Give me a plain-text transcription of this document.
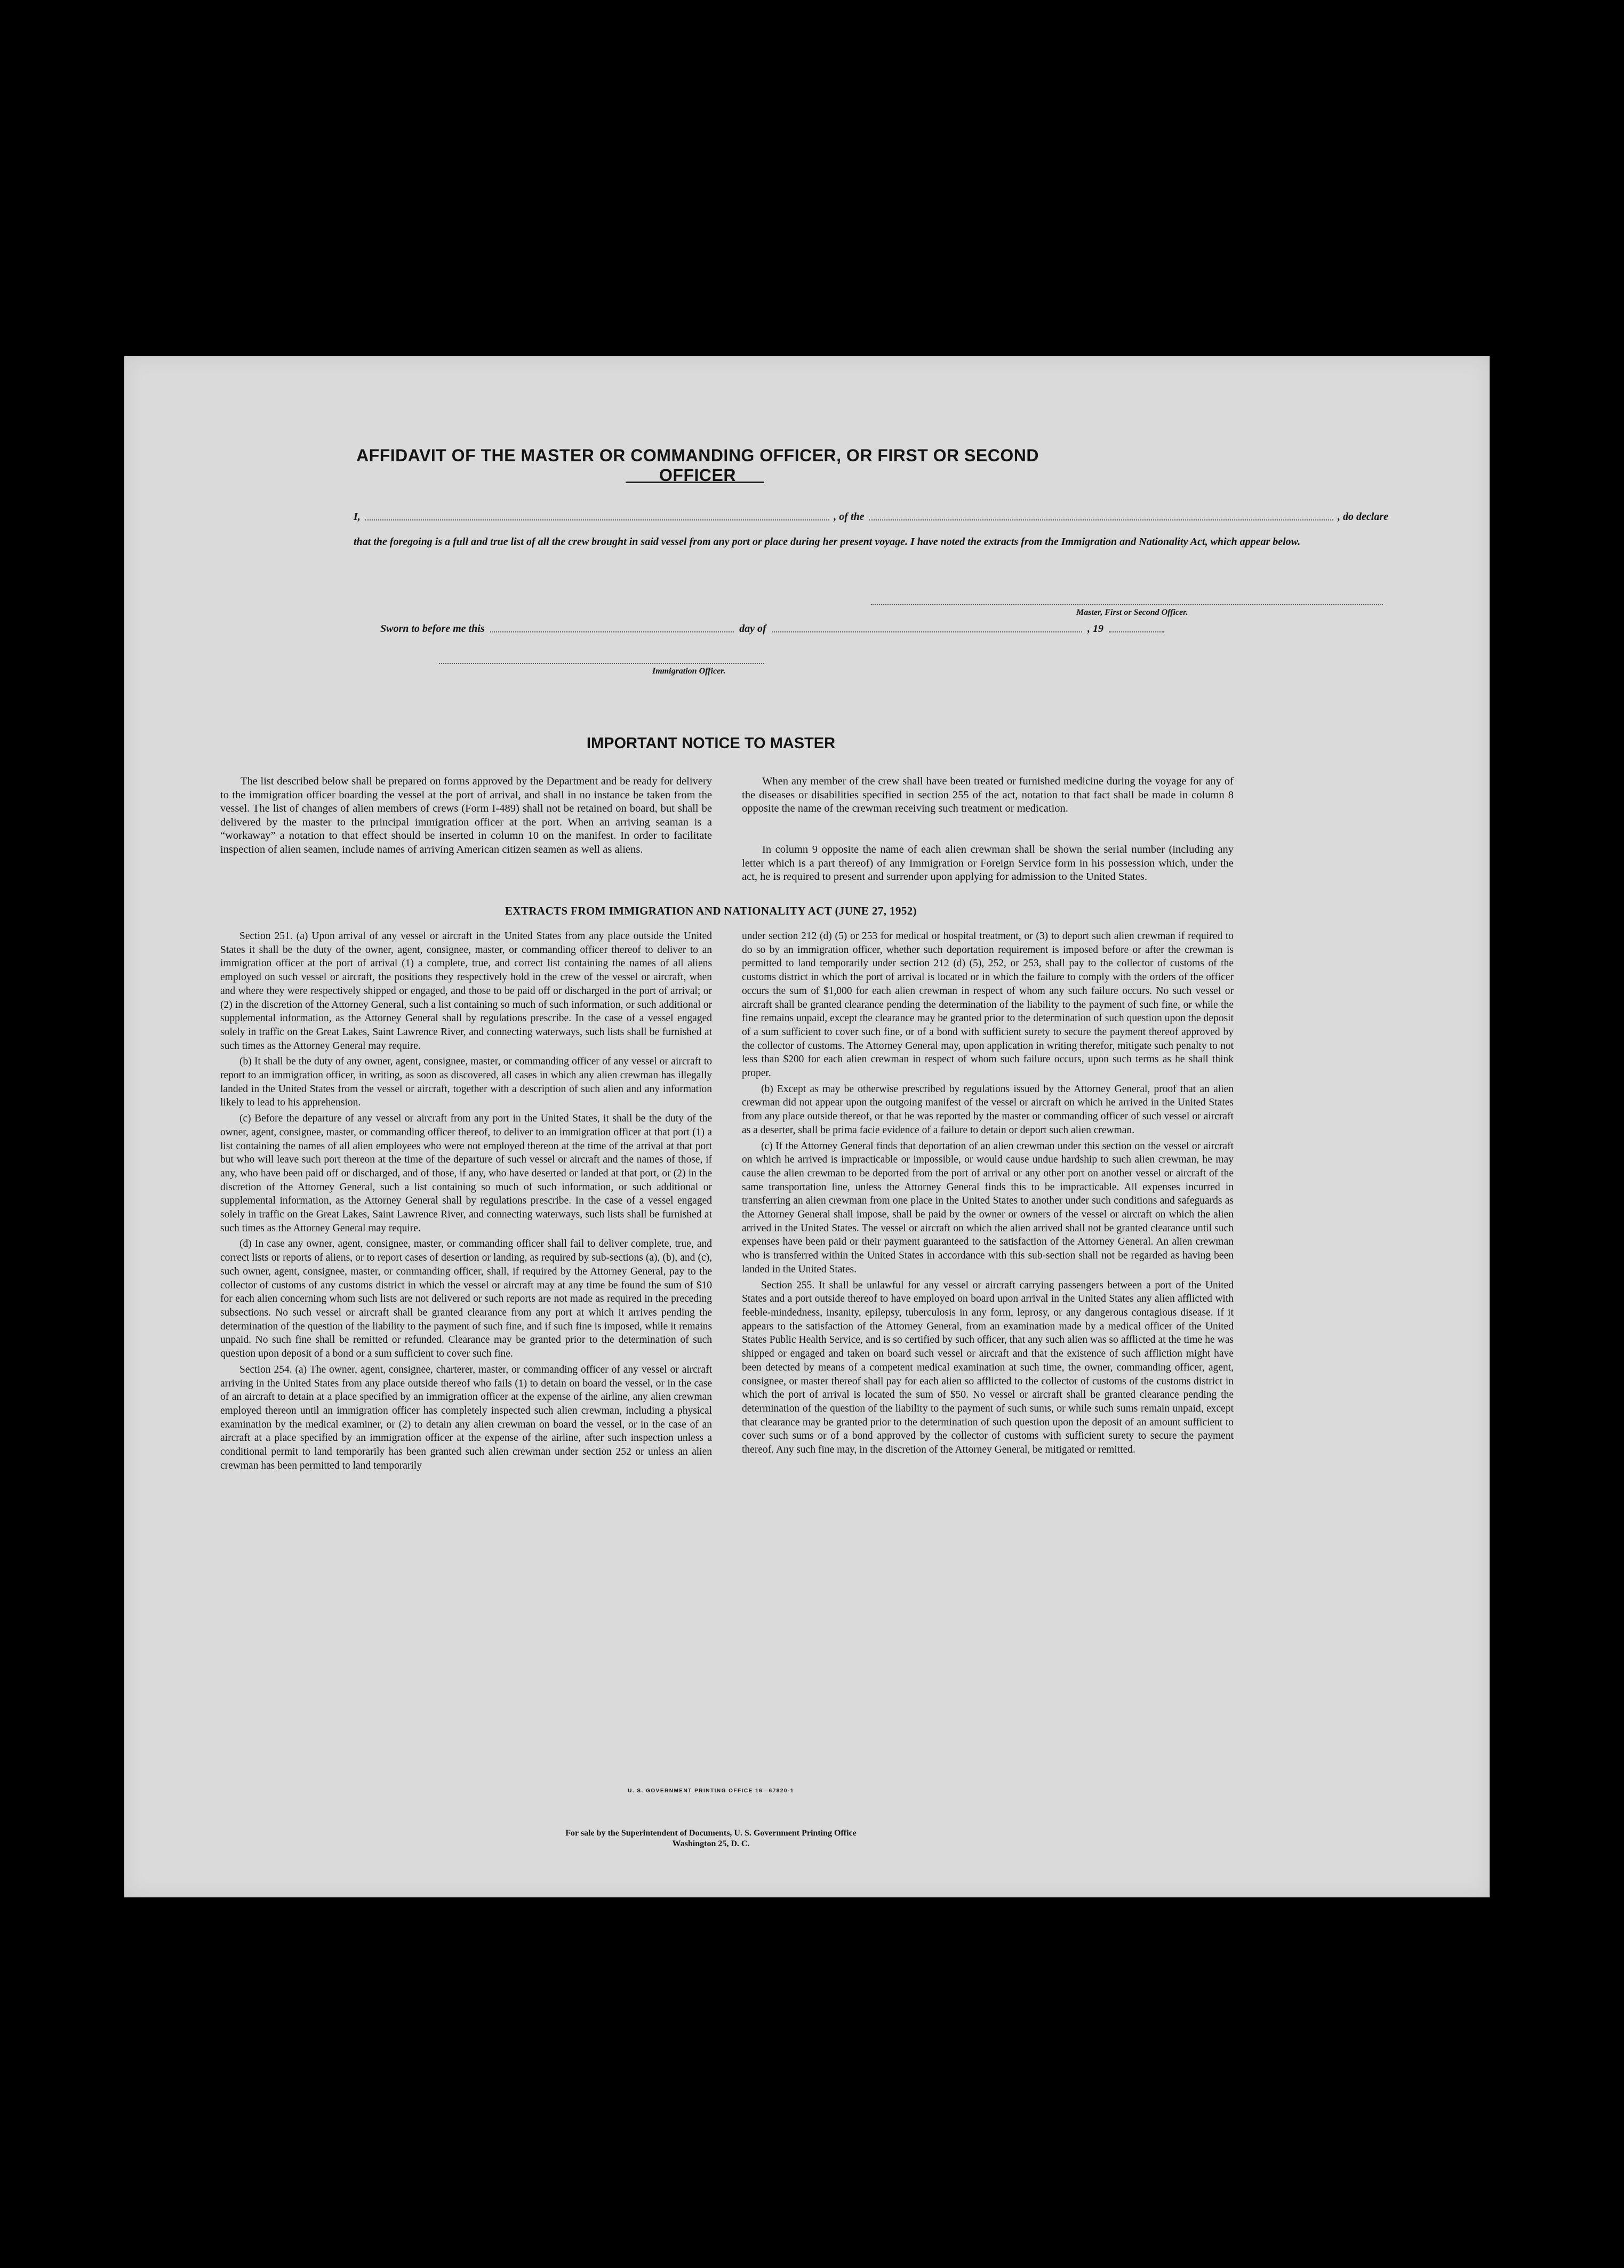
AFFIDAVIT OF THE MASTER OR COMMANDING OFFICER, OR FIRST OR SECOND OFFICER
I,	, of the	, do declare
that the foregoing is a full and true list of all the crew brought in said vessel from any port or place during her present voyage. I have noted the extracts from the Immigration and Nationality Act, which appear below.
Master, First or Second Officer.
Sworn to before me this	day of	, 19
Immigration Officer.
IMPORTANT NOTICE TO MASTER
The list described below shall be prepared on forms approved by the Department and be ready for delivery to the immigration officer boarding the vessel at the port of arrival, and shall in no instance be taken from the vessel. The list of changes of alien members of crews (Form I-489) shall not be retained on board, but shall be delivered by the master to the principal immigration officer at the port. When an arriving seaman is a “workaway” a notation to that effect should be inserted in column 10 on the manifest. In order to facilitate inspection of alien seamen, include names of arriving American citizen seamen as well as aliens.
When any member of the crew shall have been treated or furnished medicine during the voyage for any of the diseases or disabilities specified in section 255 of the act, notation to that fact shall be made in column 8 opposite the name of the crewman receiving such treatment or medication.
In column 9 opposite the name of each alien crewman shall be shown the serial number (including any letter which is a part thereof) of any Immigration or Foreign Service form in his possession which, under the act, he is required to present and surrender upon applying for admission to the United States.
EXTRACTS FROM IMMIGRATION AND NATIONALITY ACT (JUNE 27, 1952)

Section 251. (a) Upon arrival of any vessel or aircraft in the United States from any place outside the United States it shall be the duty of the owner, agent, consignee, master, or commanding officer thereof to deliver to an immigration officer at the port of arrival (1) a complete, true, and correct list containing the names of all aliens employed on such vessel or aircraft, the positions they respectively hold in the crew of the vessel or aircraft, when and where they were respectively shipped or engaged, and those to be paid off or discharged in the port of arrival; or (2) in the discretion of the Attorney General, such a list containing so much of such information, or such additional or supplemental information, as the Attorney General shall by regulations prescribe. In the case of a vessel engaged solely in traffic on the Great Lakes, Saint Lawrence River, and connecting waterways, such lists shall be furnished at such times as the Attorney General may require.

(b) It shall be the duty of any owner, agent, consignee, master, or commanding officer of any vessel or aircraft to report to an immigration officer, in writing, as soon as discovered, all cases in which any alien crewman has illegally landed in the United States from the vessel or aircraft, together with a description of such alien and any information likely to lead to his apprehension.

(c) Before the departure of any vessel or aircraft from any port in the United States, it shall be the duty of the owner, agent, consignee, master, or commanding officer thereof, to deliver to an immigration officer at that port (1) a list containing the names of all alien employees who were not employed thereon at the time of the arrival at that port but who will leave such port thereon at the time of the departure of such vessel or aircraft and the names of those, if any, who have been paid off or discharged, and of those, if any, who have deserted or landed at that port, or (2) in the discretion of the Attorney General, such a list containing so much of such information, or such additional or supplemental information, as the Attorney General shall by regulations prescribe. In the case of a vessel engaged solely in traffic on the Great Lakes, Saint Lawrence River, and connecting waterways, such lists shall be furnished at such times as the Attorney General may require.

(d) In case any owner, agent, consignee, master, or commanding officer shall fail to deliver complete, true, and correct lists or reports of aliens, or to report cases of desertion or landing, as required by sub-sections (a), (b), and (c), such owner, agent, consignee, master, or commanding officer, shall, if required by the Attorney General, pay to the collector of customs of any customs district in which the vessel or aircraft may at any time be found the sum of $10 for each alien concerning whom such lists are not delivered or such reports are not made as required in the preceding subsections. No such vessel or aircraft shall be granted clearance from any port at which it arrives pending the determination of the question of the liability to the payment of such fine, and if such fine is imposed, while it remains unpaid. No such fine shall be remitted or refunded. Clearance may be granted prior to the determination of such question upon deposit of a bond or a sum sufficient to cover such fine.

Section 254. (a) The owner, agent, consignee, charterer, master, or commanding officer of any vessel or aircraft arriving in the United States from any place outside thereof who fails (1) to detain on board the vessel, or in the case of an aircraft to detain at a place specified by an immigration officer at the expense of the airline, any alien crewman employed thereon until an immigration officer has completely inspected such alien crewman, including a physical examination by the medical examiner, or (2) to detain any alien crewman on board the vessel, or in the case of an aircraft at a place specified by an immigration officer at the expense of the airline, after such inspection unless a conditional permit to land temporarily has been granted such alien crewman under section 252 or unless an alien crewman has been permitted to land temporarily

under section 212 (d) (5) or 253 for medical or hospital treatment, or (3) to deport such alien crewman if required to do so by an immigration officer, whether such deportation requirement is imposed before or after the crewman is permitted to land temporarily under section 212 (d) (5), 252, or 253, shall pay to the collector of customs of the customs district in which the port of arrival is located or in which the failure to comply with the orders of the officer occurs the sum of $1,000 for each alien crewman in respect of whom any such failure occurs. No such vessel or aircraft shall be granted clearance pending the determination of the liability to the payment of such fine, or while the fine remains unpaid, except the clearance may be granted prior to the determination of such question upon the deposit of a sum sufficient to cover such fine, or of a bond with sufficient surety to secure the payment thereof approved by the collector of customs. The Attorney General may, upon application in writing therefor, mitigate such penalty to not less than $200 for each alien crewman in respect of whom such failure occurs, upon such terms as he shall think proper.

(b) Except as may be otherwise prescribed by regulations issued by the Attorney General, proof that an alien crewman did not appear upon the outgoing manifest of the vessel or aircraft on which he arrived in the United States from any place outside thereof, or that he was reported by the master or commanding officer of such vessel or aircraft as a deserter, shall be prima facie evidence of a failure to detain or deport such alien crewman.

(c) If the Attorney General finds that deportation of an alien crewman under this section on the vessel or aircraft on which he arrived is impracticable or impossible, or would cause undue hardship to such alien crewman, he may cause the alien crewman to be deported from the port of arrival or any other port on another vessel or aircraft of the same transportation line, unless the Attorney General finds this to be impracticable. All expenses incurred in transferring an alien crewman from one place in the United States to another under such conditions and safeguards as the Attorney General shall impose, shall be paid by the owner or owners of the vessel or aircraft on which the alien arrived in the United States. The vessel or aircraft on which the alien arrived shall not be granted clearance until such expenses have been paid or their payment guaranteed to the satisfaction of the Attorney General. An alien crewman who is transferred within the United States in accordance with this sub-section shall not be regarded as having been landed in the United States.

Section 255. It shall be unlawful for any vessel or aircraft carrying passengers between a port of the United States and a port outside thereof to have employed on board upon arrival in the United States any alien afflicted with feeble-mindedness, insanity, epilepsy, tuberculosis in any form, leprosy, or any dangerous contagious disease. If it appears to the satisfaction of the Attorney General, from an examination made by a medical officer of the United States Public Health Service, and is so certified by such officer, that any such alien was so afflicted at the time he was shipped or engaged and taken on board such vessel or aircraft and that the existence of such affliction might have been detected by means of a competent medical examination at such time, the owner, commanding officer, agent, consignee, or master thereof shall pay for each alien so afflicted to the collector of customs of the customs district in which the port of arrival is located the sum of $50. No vessel or aircraft shall be granted clearance pending the determination of the question of the liability to the payment of such sums, or while such sums remain unpaid, except that clearance may be granted prior to the determination of such question upon the deposit of an amount sufficient to cover such sums or of a bond approved by the collector of customs with sufficient surety to secure the payment thereof. Any such fine may, in the discretion of the Attorney General, be mitigated or remitted.

U. S. GOVERNMENT PRINTING OFFICE 16—67820-1
For sale by the Superintendent of Documents, U. S. Government Printing Office
Washington 25, D. C.
